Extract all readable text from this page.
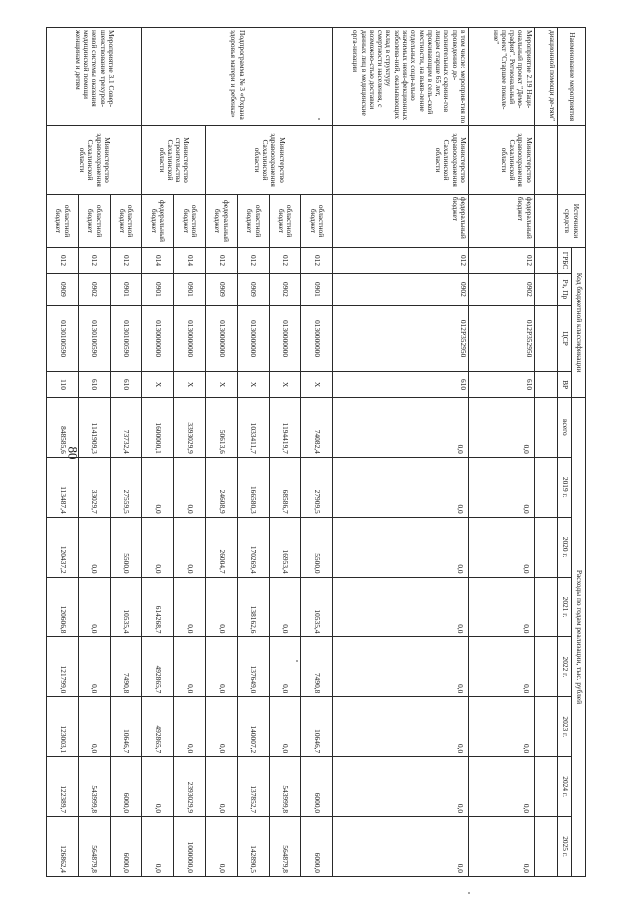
80
Наименование мероприятия		Источники средств	Код бюджетной классификации				Расходы по годам реализации, тыс. рублей							
			ГРБС	Рз, Пр	ЦСР	ВР	всего	2019 г.	2020 г.	2021 г.	2022 г.	2023 г.	2024 г.	2025 г.
диационной помощи де-тям"														
Мероприятие 2.19 Наци-ональный проект "Демо-графия". Региональный проект "Старшее поколе-ние"	Министерство здравоохранения Сахалинской области	федеральный бюджет	012	0902	012P352950	610	0,0	0,0	0,0	0,0	0,0	0,0	0,0	0,0
в том числе: мероприя-тия по проведению до-полнительных скрини-гов лицам старше 65 лет, проживающим в сель-ской местности, на выяв-ление отдельных соци-ально значимых неин-фекционных заболева-ний, оказывающих вклад в структуру смертности населения, с возможно-стью доставки данных лиц в медицинские орга-низации	Министерство здравоохранения Сахалинской области	федеральный бюджет	012	0902	012P352950	610	0,0	0,0	0,0	0,0	0,0	0,0	0,0	0,0
Подпрограмма № 3 «Охрана здоровья матери и ребенка»	Министерство здравоохранения Сахалинской области	областной бюджет	012	0901	0130000000	Х	74082,4	27909,5	5500,0	10535,4	7490,8	10646,7	6000,0	6000,0
		областной бюджет	012	0902	0130000000	Х	1194419,7	68586,7	16953,4	0,0	0,0	0,0	543999,8	564879,8
		областной бюджет	012	0909	0130000000	Х	1033411,7	166580,3	170269,4	138162,6	137649,0	140007,2	137852,7	142890,5
		федеральный бюджет	012	0909	0130000000	Х	50613,6	24608,9	26004,7	0,0	0,0	0,0	0,0	0,0
	Министерство строительства Сахалинской области	областной бюджет	014	0901	0130000000	Х	3393029,9	0,0	0,0	0,0	0,0	0,0	2393029,9	1000000,0
		федеральный бюджет	014	0901	0130000000	Х	1600000,1	0,0	0,0	614268,7	492865,7	492865,7	0,0	0,0
Мероприятие 3.1 Совер-шенствование трехуров-невой системы оказания медицинской помощи женщинам и детям	Министерство здравоохранения Сахалинской области	областной бюджет	012	0901	0130100590	610	73732,4	27559,5	5500,0	10535,4	7490,8	10646,7	6000,0	6000,0
		областной бюджет	012	0902	0130100590	610	1141909,3	33029,7	0,0	0,0	0,0	0,0	543999,8	564879,8
		областной бюджет	012	0909	0130100590	110	848585,6	113487,4	120437,2	120606,8	121799,0	123003,1	122389,7	126862,4
